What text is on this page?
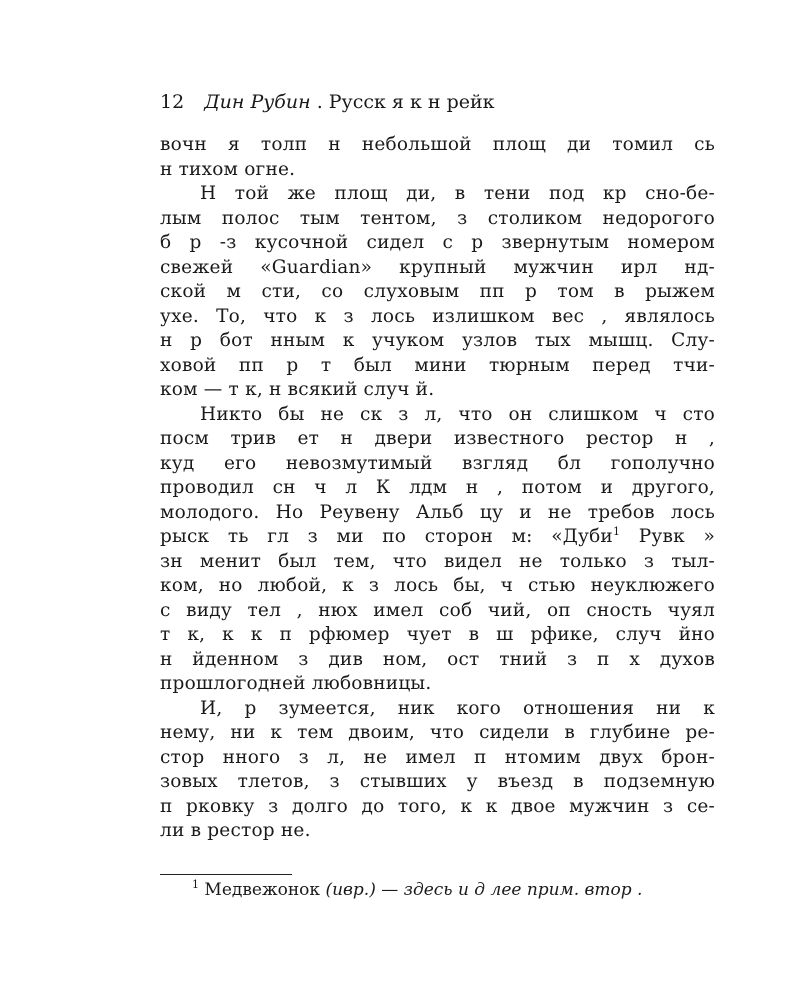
12 Дин Рубин . Русск я к н рейк
вочн я толп н небольшой площ ди томил сь
н тихом огне.
Н той же площ ди, в тени под кр сно-бе-
лым полос тым тентом, з столиком недорогого
б р -з кусочной сидел с р звернутым номером
свежей «Guardian» крупный мужчин ирл нд-
ской м сти, со слуховым пп р том в рыжем
ухе. То, что к з лось излишком вес , являлось
н р бот нным к учуком узлов тых мышц. Слу-
ховой пп р т был мини тюрным перед тчи-
ком — т к, н всякий случ й.
Никто бы не ск з л, что он слишком ч сто
посм трив ет н двери известного рестор н ,
куд его невозмутимый взгляд бл гополучно
проводил сн ч л К лдм н , потом и другого,
молодого. Но Реувену Альб цу и не требов лось
рыск ть гл з ми по сторон м: «Дуби$^1$ Рувк »
зн менит был тем, что видел не только з тыл-
ком, но любой, к з лось бы, ч стью неуклюжего
с виду тел , нюх имел соб чий, оп сность чуял
т к, к к п рфюмер чует в ш рфике, случ йно
н йденном з див ном, ост тний з п х духов
прошлогодней любовницы.
И, р зумеется, ник кого отношения ни к
нему, ни к тем двоим, что сидели в глубине ре-
стор нного з л, не имел п нтомим двух брон-
зовых тлетов, з стывших у въезд в подземную
п рковку з долго до того, к к двое мужчин з се-
ли в рестор не.
$^1$ Медвежонок (ивр.) — здесь и д лее прим. втор .
